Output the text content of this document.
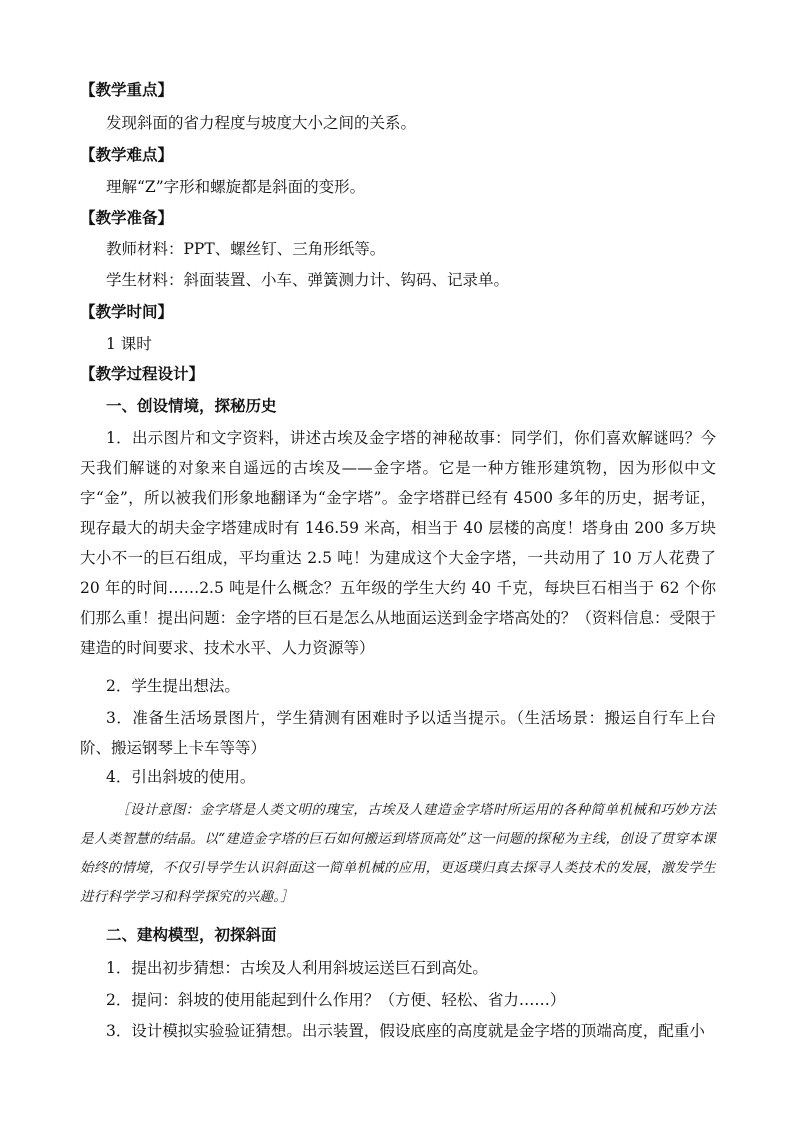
【教学重点】
发现斜面的省力程度与坡度大小之间的关系。
【教学难点】
理解“Z”字形和螺旋都是斜面的变形。
【教学准备】
教师材料：PPT、螺丝钉、三角形纸等。
学生材料：斜面装置、小车、弹簧测力计、钩码、记录单。
【教学时间】
1 课时
【教学过程设计】
一、创设情境，探秘历史
1．出示图片和文字资料，讲述古埃及金字塔的神秘故事：同学们，你们喜欢解谜吗？今天我们解谜的对象来自遥远的古埃及——金字塔。它是一种方锥形建筑物，因为形似中文字“金”，所以被我们形象地翻译为“金字塔”。金字塔群已经有 4500 多年的历史，据考证，现存最大的胡夫金字塔建成时有 146.59 米高，相当于 40 层楼的高度！塔身由 200 多万块大小不一的巨石组成，平均重达 2.5 吨！为建成这个大金字塔，一共动用了 10 万人花费了 20 年的时间……2.5 吨是什么概念？五年级的学生大约 40 千克，每块巨石相当于 62 个你们那么重！提出问题：金字塔的巨石是怎么从地面运送到金字塔高处的？（资料信息：受限于建造的时间要求、技术水平、人力资源等）
2．学生提出想法。
3．准备生活场景图片，学生猜测有困难时予以适当提示。（生活场景：搬运自行车上台阶、搬运钢琴上卡车等等）
4．引出斜坡的使用。
［设计意图：金字塔是人类文明的瑰宝，古埃及人建造金字塔时所运用的各种简单机械和巧妙方法是人类智慧的结晶。以“建造金字塔的巨石如何搬运到塔顶高处”这一问题的探秘为主线，创设了贯穿本课始终的情境，不仅引导学生认识斜面这一简单机械的应用，更返璞归真去探寻人类技术的发展，激发学生进行科学学习和科学探究的兴趣。］
二、建构模型，初探斜面
1．提出初步猜想：古埃及人利用斜坡运送巨石到高处。
2．提问：斜坡的使用能起到什么作用？（方便、轻松、省力……）
3．设计模拟实验验证猜想。出示装置，假设底座的高度就是金字塔的顶端高度，配重小
